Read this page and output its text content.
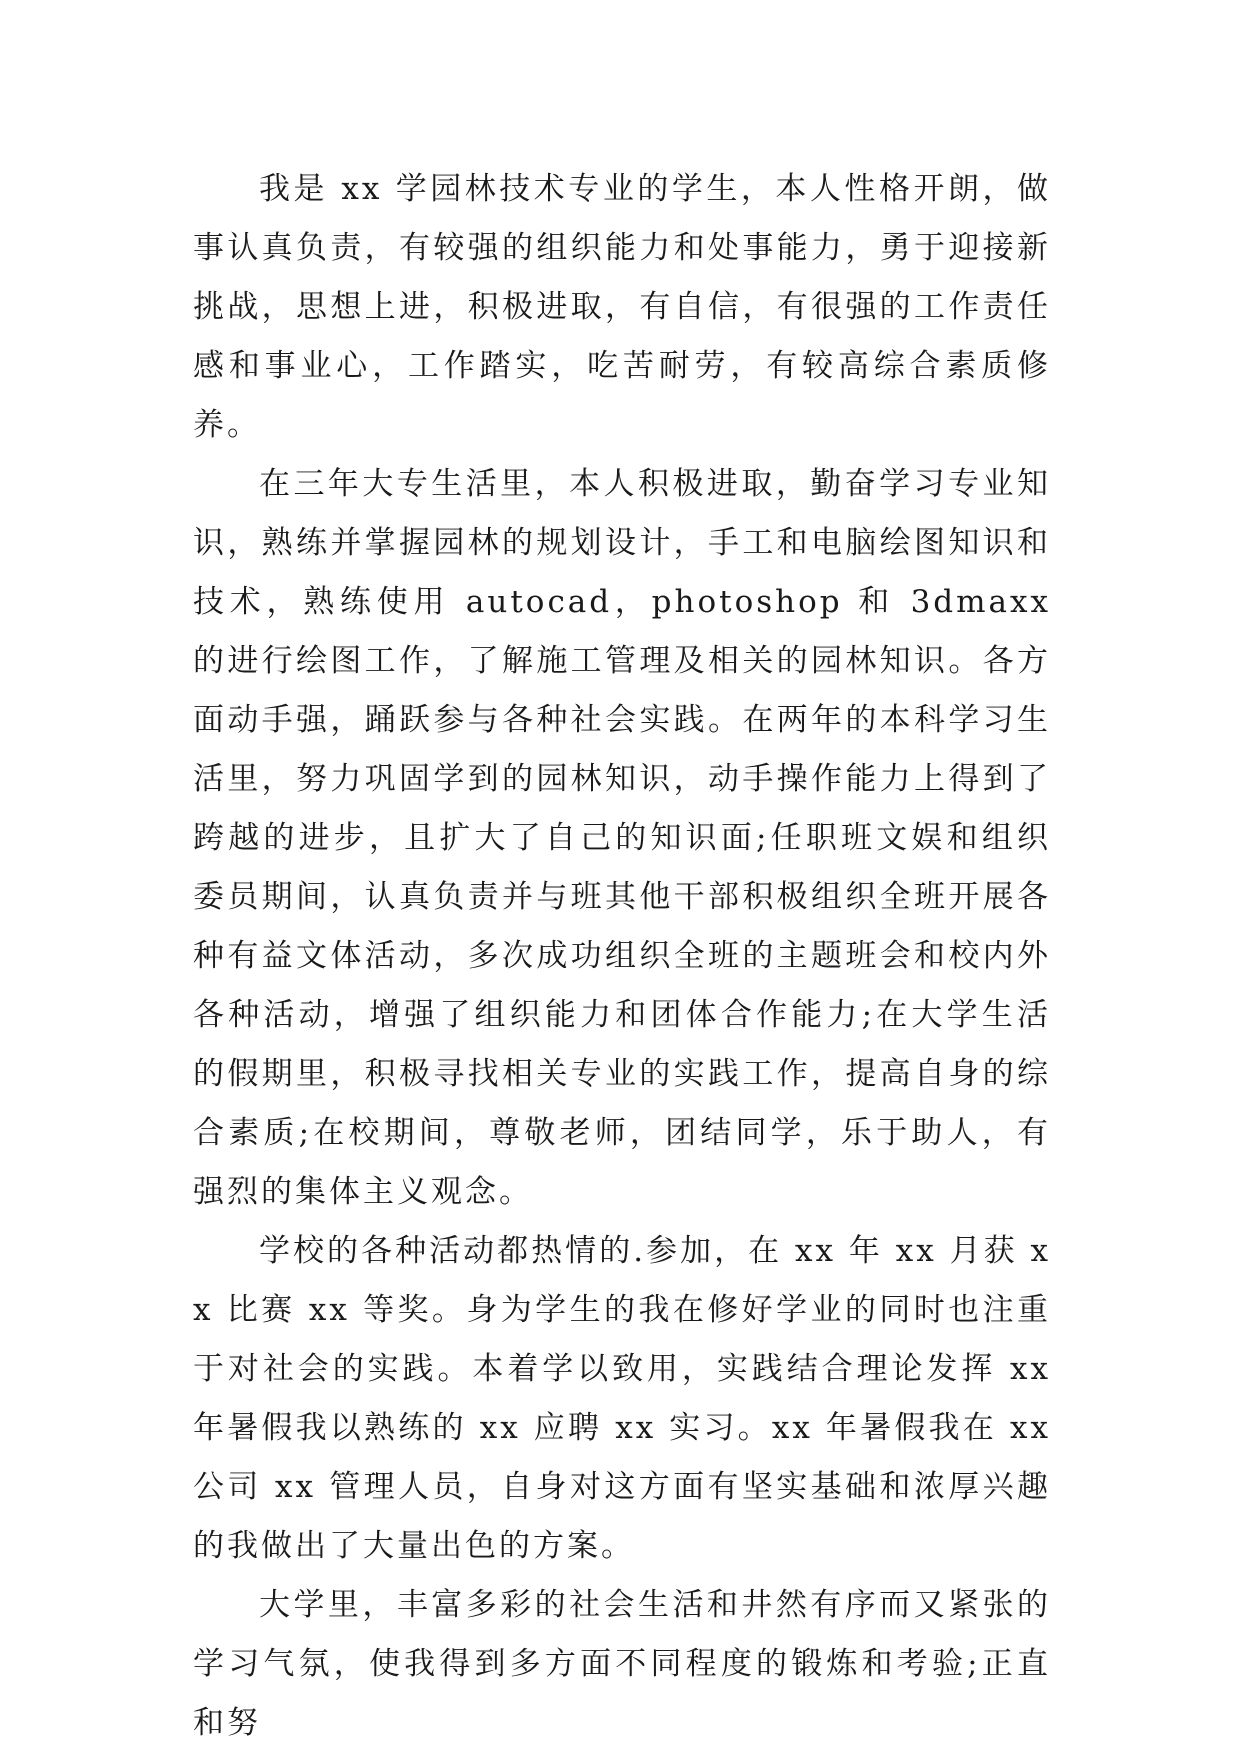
我是 xx 学园林技术专业的学生，本人性格开朗，做事认真负责，有较强的组织能力和处事能力，勇于迎接新挑战，思想上进，积极进取，有自信，有很强的工作责任感和事业心，工作踏实，吃苦耐劳，有较高综合素质修养。

在三年大专生活里，本人积极进取，勤奋学习专业知识，熟练并掌握园林的规划设计，手工和电脑绘图知识和技术，熟练使用 autocad，photoshop 和 3dmaxx 的进行绘图工作，了解施工管理及相关的园林知识。各方面动手强，踊跃参与各种社会实践。在两年的本科学习生活里，努力巩固学到的园林知识，动手操作能力上得到了跨越的进步，且扩大了自己的知识面;任职班文娱和组织委员期间，认真负责并与班其他干部积极组织全班开展各种有益文体活动，多次成功组织全班的主题班会和校内外各种活动，增强了组织能力和团体合作能力;在大学生活的假期里，积极寻找相关专业的实践工作，提高自身的综合素质;在校期间，尊敬老师，团结同学，乐于助人，有强烈的集体主义观念。

学校的各种活动都热情的.参加，在 xx 年 xx 月获 xx 比赛 xx 等奖。身为学生的我在修好学业的同时也注重于对社会的实践。本着学以致用，实践结合理论发挥 xx 年暑假我以熟练的 xx 应聘 xx 实习。xx 年暑假我在 xx 公司 xx 管理人员，自身对这方面有坚实基础和浓厚兴趣的我做出了大量出色的方案。

大学里，丰富多彩的社会生活和井然有序而又紧张的学习气氛，使我得到多方面不同程度的锻炼和考验;正直和努
